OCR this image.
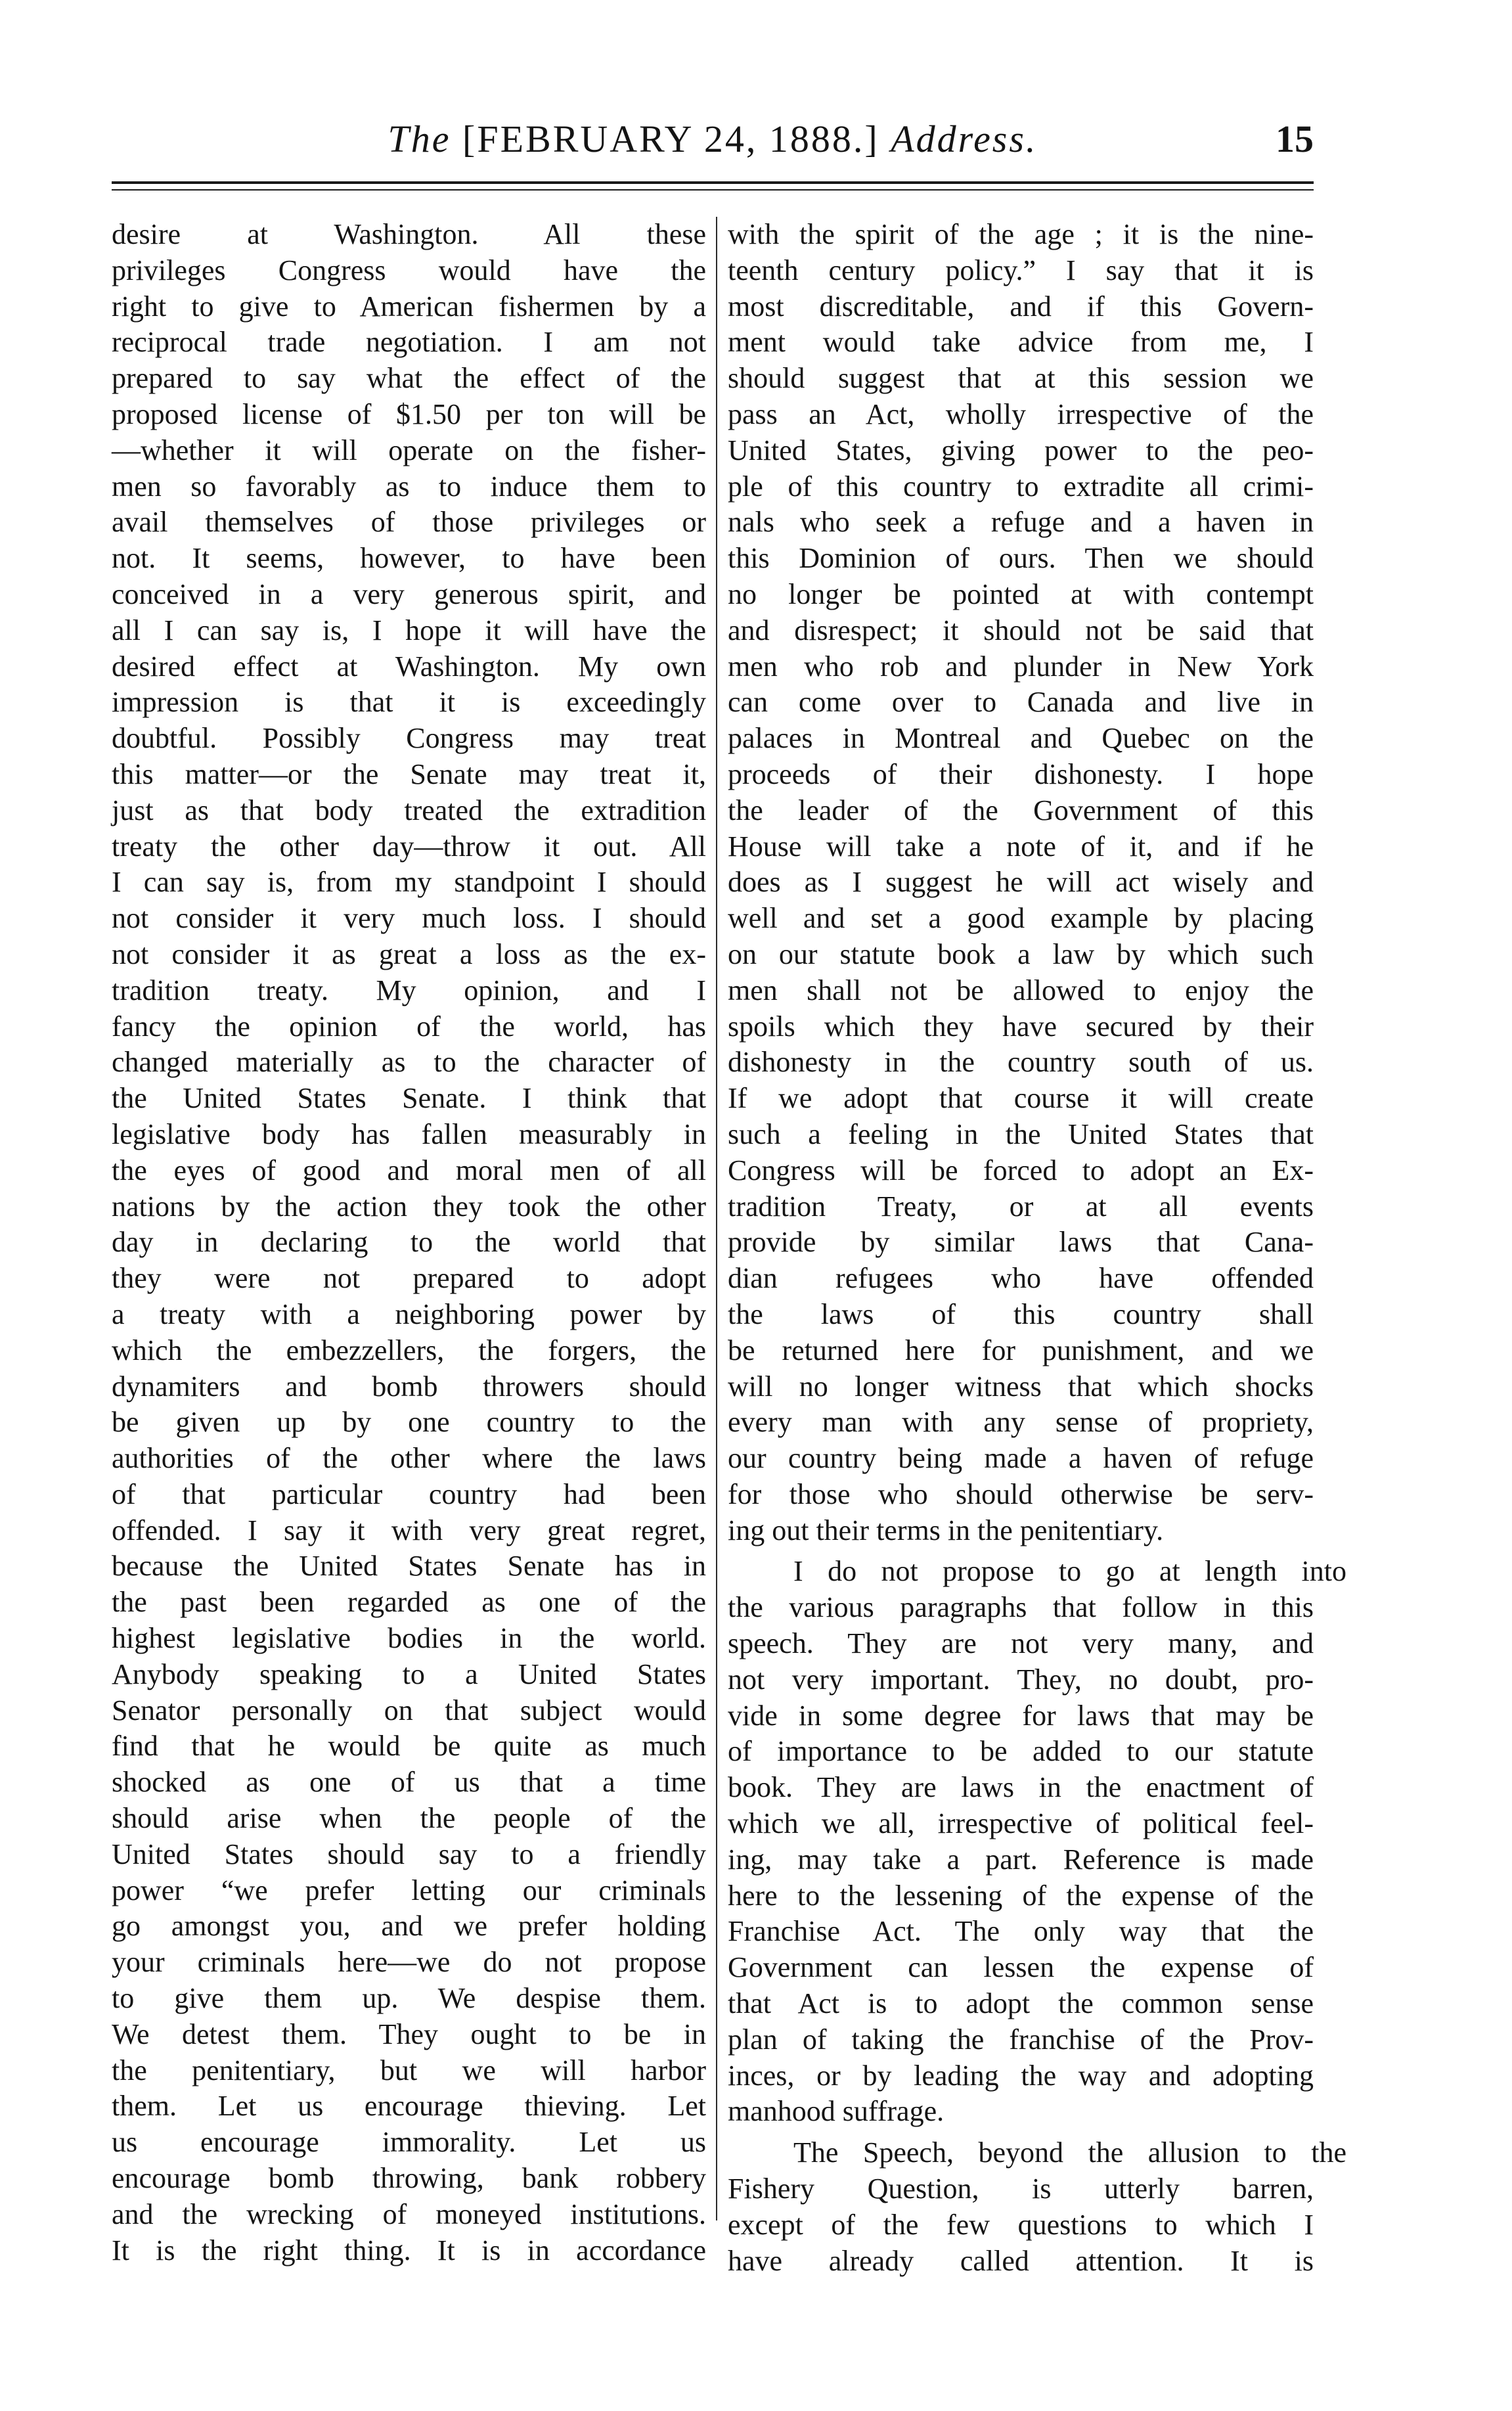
The [FEBRUARY 24, 1888.] Address.	15
desire at Washington. All these
privileges Congress would have the
right to give to American fishermen by a
reciprocal trade negotiation. I am not
prepared to say what the effect of the
proposed license of $1.50 per ton will be
—whether it will operate on the fisher-
men so favorably as to induce them to
avail themselves of those privileges or
not. It seems, however, to have been
conceived in a very generous spirit, and
all I can say is, I hope it will have the
desired effect at Washington. My own
impression is that it is exceedingly
doubtful. Possibly Congress may treat
this matter—or the Senate may treat it,
just as that body treated the extradition
treaty the other day—throw it out. All
I can say is, from my standpoint I should
not consider it very much loss. I should
not consider it as great a loss as the ex-
tradition treaty. My opinion, and I
fancy the opinion of the world, has
changed materially as to the character of
the United States Senate. I think that
legislative body has fallen measurably in
the eyes of good and moral men of all
nations by the action they took the other
day in declaring to the world that
they were not prepared to adopt
a treaty with a neighboring power by
which the embezzellers, the forgers, the
dynamiters and bomb throwers should
be given up by one country to the
authorities of the other where the laws
of that particular country had been
offended. I say it with very great regret,
because the United States Senate has in
the past been regarded as one of the
highest legislative bodies in the world.
Anybody speaking to a United States
Senator personally on that subject would
find that he would be quite as much
shocked as one of us that a time
should arise when the people of the
United States should say to a friendly
power “we prefer letting our criminals
go amongst you, and we prefer holding
your criminals here—we do not propose
to give them up. We despise them.
We detest them. They ought to be in
the penitentiary, but we will harbor
them. Let us encourage thieving. Let
us encourage immorality. Let us
encourage bomb throwing, bank robbery
and the wrecking of moneyed institutions.
It is the right thing. It is in accordance
with the spirit of the age ; it is the nine-
teenth century policy.” I say that it is
most discreditable, and if this Govern-
ment would take advice from me, I
should suggest that at this session we
pass an Act, wholly irrespective of the
United States, giving power to the peo-
ple of this country to extradite all crimi-
nals who seek a refuge and a haven in
this Dominion of ours. Then we should
no longer be pointed at with contempt
and disrespect; it should not be said that
men who rob and plunder in New York
can come over to Canada and live in
palaces in Montreal and Quebec on the
proceeds of their dishonesty. I hope
the leader of the Government of this
House will take a note of it, and if he
does as I suggest he will act wisely and
well and set a good example by placing
on our statute book a law by which such
men shall not be allowed to enjoy the
spoils which they have secured by their
dishonesty in the country south of us.
If we adopt that course it will create
such a feeling in the United States that
Congress will be forced to adopt an Ex-
tradition Treaty, or at all events
provide by similar laws that Cana-
dian refugees who have offended
the laws of this country shall
be returned here for punishment, and we
will no longer witness that which shocks
every man with any sense of propriety,
our country being made a haven of refuge
for those who should otherwise be serv-
ing out their terms in the penitentiary.
I do not propose to go at length into
the various paragraphs that follow in this
speech. They are not very many, and
not very important. They, no doubt, pro-
vide in some degree for laws that may be
of importance to be added to our statute
book. They are laws in the enactment of
which we all, irrespective of political feel-
ing, may take a part. Reference is made
here to the lessening of the expense of the
Franchise Act. The only way that the
Government can lessen the expense of
that Act is to adopt the common sense
plan of taking the franchise of the Prov-
inces, or by leading the way and adopting
manhood suffrage.
The Speech, beyond the allusion to the
Fishery Question, is utterly barren,
except of the few questions to which I
have already called attention. It is
